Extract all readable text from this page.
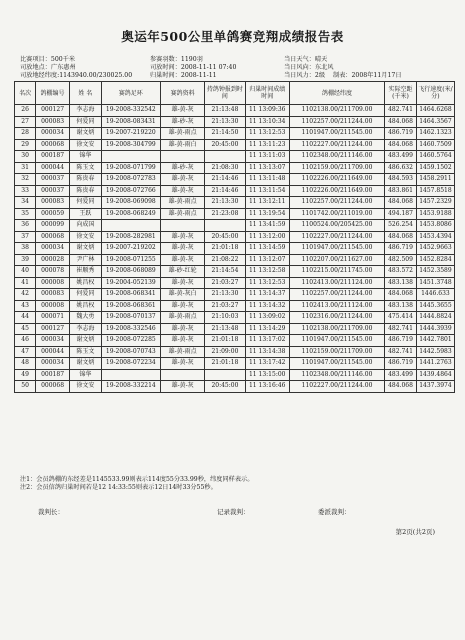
奥运年500公里单鸽赛竞翔成绩报告表
比赛项目：500千米
司放地点：广东惠州
司放地经纬度:1143940.00/230025.00
参赛羽数：1190羽
司放时间：2008-11-11 07:40
归巢时间：2008-11-11
当日天气：晴天
当日风向：东北风
当日风力：2级 制表：2008年11月17日
名次	鸽棚编号	姓 名	赛鸽足环	赛鸽资料	持鸽钟报到时间	归巢时间成绩时间	鸽棚经纬度	实际空距(千米)	飞行速度(米/分)
26	000127	李志海	19-2008-332542	雄-黄-灰	21:13:48	11 13:09:36	1102138.00/211709.00	482.741	1464.6268
27	000083	何爱同	19-2008-083431	雄-砂-灰	21:13:30	11 13:10:34	1102257.00/211244.00	484.068	1464.3567
28	000034	谢文炳	19-2007-219220	雄-黄-雨点	21:14:50	11 13:12:53	1101947.00/211545.00	486.719	1462.1323
29	000068	徐文安	19-2008-304799	雄-黄-雨白	20:45:00	11 13:11:23	1102227.00/211244.00	484.068	1460.7509
30	000187	锦华				11 13:11:03	1102348.00/211146.00	483.499	1460.5764
31	000044	陈玉文	19-2008-071799	雄-砂-灰	21:08:30	11 13:13:07	1102159.00/211709.00	486.632	1459.1502
32	000037	陈贵春	19-2008-072783	雄-黄-灰	21:14:46	11 13:11:48	1102226.00/211649.00	484.593	1458.2911
33	000037	陈贵春	19-2008-072766	雄-黄-灰	21:14:46	11 13:11:54	1102226.00/211649.00	483.861	1457.8518
34	000083	何爱同	19-2008-069098	雄-黄-雨点	21:13:30	11 13:12:11	1102257.00/211244.00	484.068	1457.2329
35	000059	王跃	19-2008-068249	雄-黄-雨点	21:23:08	11 13:19:54	1101742.00/211019.00	494.187	1453.9188
36	000099	向成国				11 13:41:59	1100524.00/205425.00	526.254	1453.8086
37	000068	徐文安	19-2008-282981	雄-黄-灰	20:45:00	11 13:12:00	1102227.00/211244.00	484.068	1453.4394
38	000034	谢文炳	19-2007-219202	雄-黄-灰	21:01:18	11 13:14:59	1101947.00/211545.00	486.719	1452.9663
39	000028	尹广林	19-2008-071255	雄-黄-灰	21:08:22	11 13:12:07	1102207.00/211627.00	482.509	1452.8284
40	000078	崔顺秀	19-2008-068089	雄-砂-红轮	21:14:54	11 13:12:58	1102215.00/211745.00	483.572	1452.3589
41	000008	姚昌权	19-2004-052139	雄-黄-灰	21:03:27	11 13:12:53	1102413.00/211124.00	483.138	1451.3748
42	000083	何爱同	19-2008-068341	雄-黄-灰白	21:13:30	11 13:14:37	1102257.00/211244.00	484.068	1446.633
43	000008	姚昌权	19-2008-068361	雄-黄-灰	21:03:27	11 13:14:32	1102413.00/211124.00	483.138	1445.3655
44	000071	魏大勇	19-2008-070137	雄-黄-雨点	21:10:03	11 13:09:02	1102316.00/211244.00	475.414	1444.8824
45	000127	李志海	19-2008-332546	雄-黄-灰	21:13:48	11 13:14:29	1102138.00/211709.00	482.741	1444.3939
46	000034	谢文炳	19-2008-072285	雄-黄-灰	21:01:18	11 13:17:02	1101947.00/211545.00	486.719	1442.7801
47	000044	陈玉文	19-2008-070743	雄-黄-雨点	21:09:00	11 13:14:38	1102159.00/211709.00	482.741	1442.5983
48	000034	谢文炳	19-2008-072234	雄-黄-灰	21:01:18	11 13:17:42	1101947.00/211545.00	486.719	1441.2763
49	000187	锦华				11 13:15:00	1102348.00/211146.00	483.499	1439.4864
50	000068	徐文安	19-2008-332214	雄-黄-灰	20:45:00	11 13:16:46	1102227.00/211244.00	484.068	1437.3974
注1：会员鸽棚的东经差是1145533.99则表示114度55分33.99秒，纬度同样表示。
注2：会员信鸽归巢时间若是12 14:33:55则表示12日14时33分55秒。
裁判长：	记录裁判：	委派裁判：
第2页(共2页)
